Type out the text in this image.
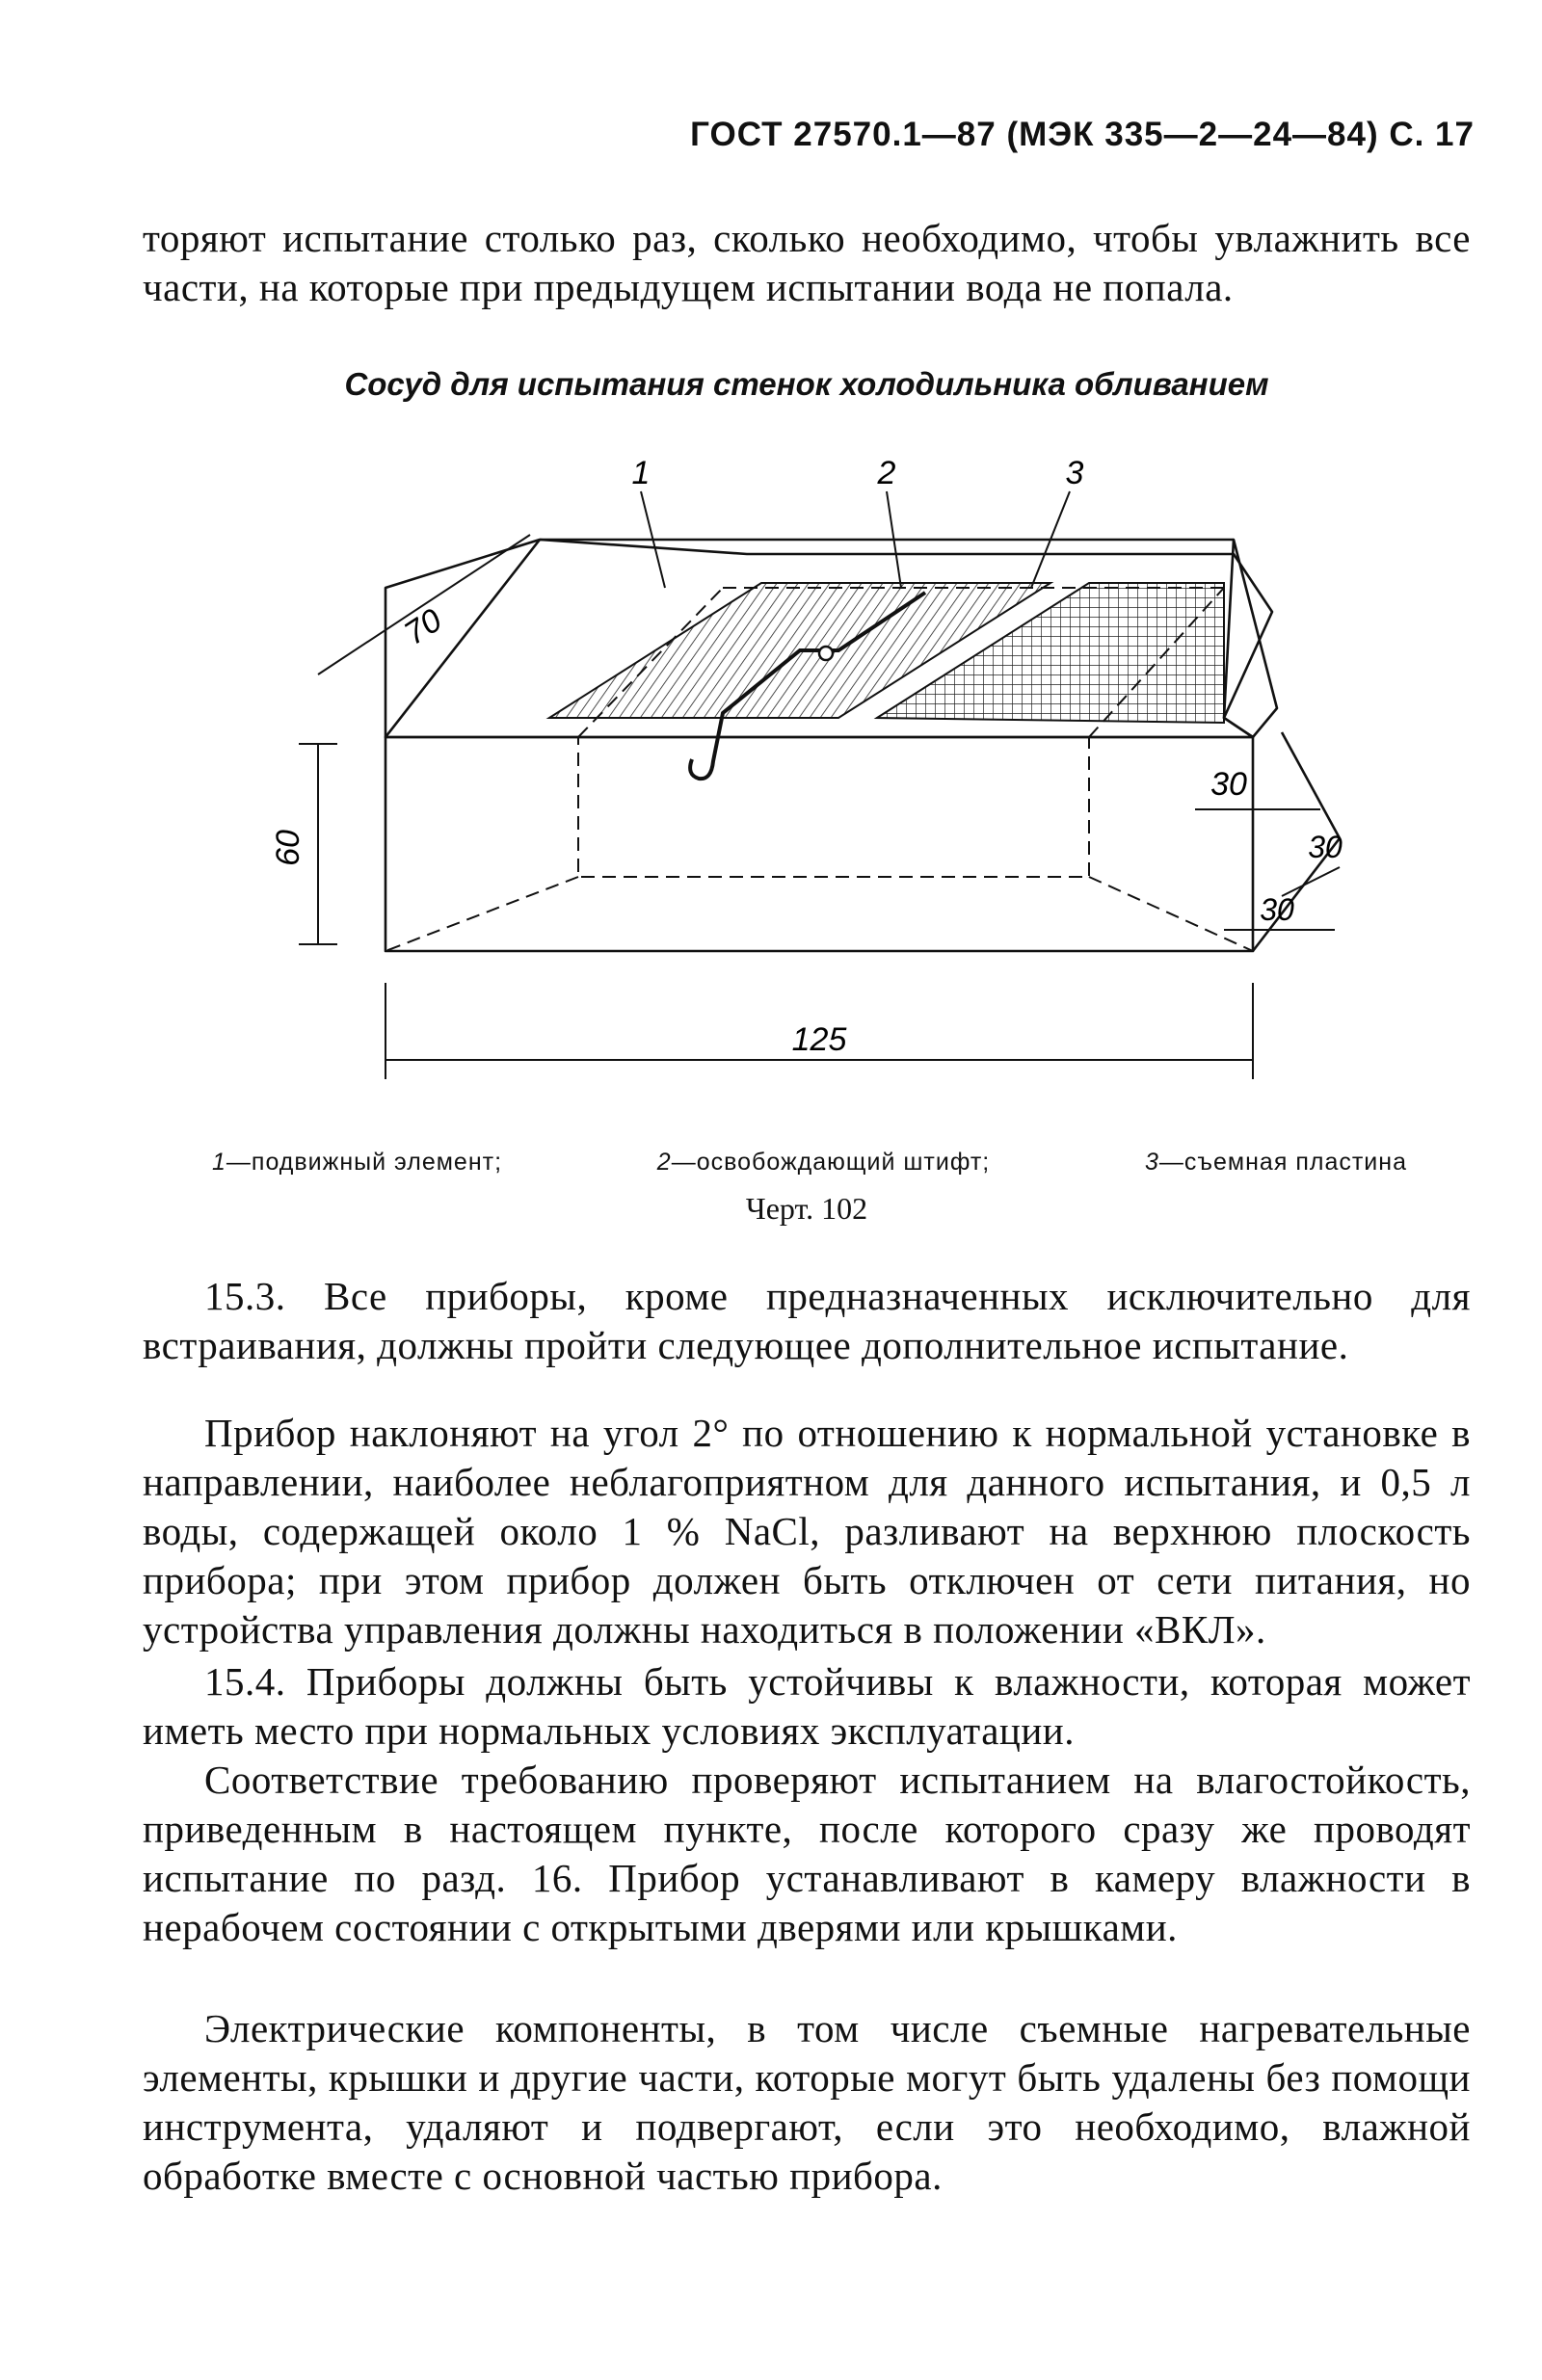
ГОСТ 27570.1—87 (МЭК 335—2—24—84) С. 17
торяют испытание столько раз, сколько необходимо, чтобы увлажнить все части, на которые при предыдущем испытании вода не попала.
Сосуд для испытания стенок холодильника обливанием
1	2	3
70
60
125
30
30
30
1—подвижный элемент;	2—освобождающий штифт;	3—съемная пластина
Черт. 102
15.3. Все приборы, кроме предназначенных исключительно для встраивания, должны пройти следующее дополнительное испытание.
Прибор наклоняют на угол 2° по отношению к нормальной установке в направлении, наиболее неблагоприятном для данного испытания, и 0,5 л воды, содержащей около 1 % NaCl, разливают на верхнюю плоскость прибора; при этом прибор должен быть отключен от сети питания, но устройства управления должны находиться в положении «ВКЛ».
15.4. Приборы должны быть устойчивы к влажности, которая может иметь место при нормальных условиях эксплуатации.
Соответствие требованию проверяют испытанием на влагостойкость, приведенным в настоящем пункте, после которого сразу же проводят испытание по разд. 16. Прибор устанавливают в камеру влажности в нерабочем состоянии с открытыми дверями или крышками.
Электрические компоненты, в том числе съемные нагревательные элементы, крышки и другие части, которые могут быть удалены без помощи инструмента, удаляют и подвергают, если это необходимо, влажной обработке вместе с основной частью прибора.
